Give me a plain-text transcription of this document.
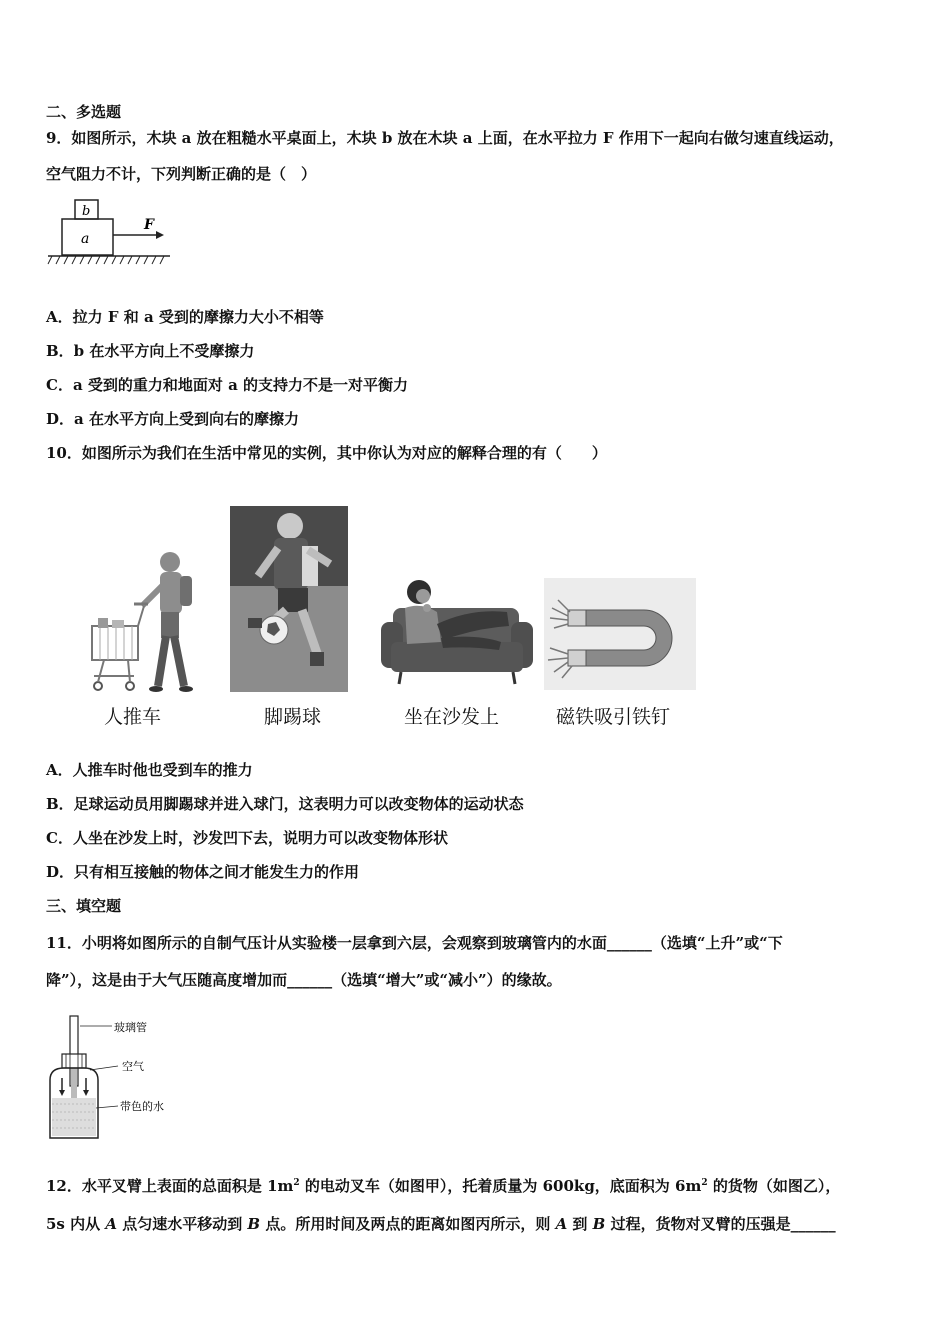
二、多选题
9．如图所示，木块 a 放在粗糙水平桌面上，木块 b 放在木块 a 上面，在水平拉力 F 作用下一起向右做匀速直线运动，
空气阻力不计，下列判断正确的是（　）
b
a
F
A．拉力 F 和 a 受到的摩擦力大小不相等
B．b 在水平方向上不受摩擦力
C．a 受到的重力和地面对 a 的支持力不是一对平衡力
D．a 在水平方向上受到向右的摩擦力
10．如图所示为我们在生活中常见的实例，其中你认为对应的解释合理的有（　　）
人推车	脚踢球	坐在沙发上	磁铁吸引铁钉
A．人推车时他也受到车的推力
B．足球运动员用脚踢球并进入球门，这表明力可以改变物体的运动状态
C．人坐在沙发上时，沙发凹下去，说明力可以改变物体形状
D．只有相互接触的物体之间才能发生力的作用
三、填空题
11．小明将如图所示的自制气压计从实验楼一层拿到六层，会观察到玻璃管内的水面______（选填“上升”或“下
降”），这是由于大气压随高度增加而______（选填“增大”或“减小”）的缘故。
玻璃管
空气
带色的水
12．水平叉臂上表面的总面积是 $1m^2$ 的电动叉车（如图甲），托着质量为 600kg，底面积为 $6m^2$ 的货物（如图乙），
5s 内从 A 点匀速水平移动到 B 点。所用时间及两点的距离如图丙所示，则 A 到 B 过程，货物对叉臂的压强是______
